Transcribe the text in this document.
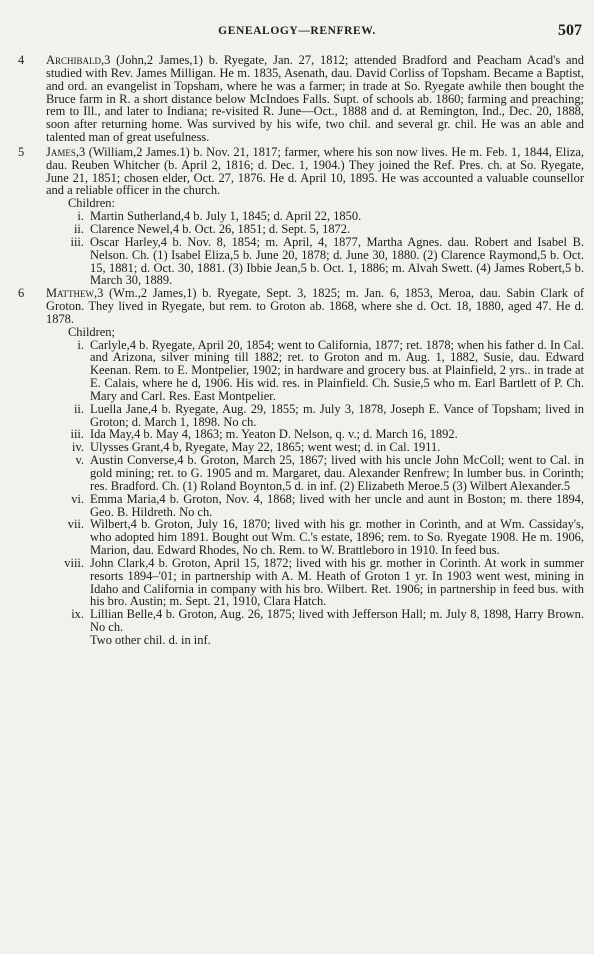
GENEALOGY—RENFREW.	507

4	Archibald,3 (John,2 James,1) b. Ryegate, Jan. 27, 1812; attended Bradford and Peacham Acad's and studied with Rev. James Milligan. He m. 1835, Asenath, dau. David Corliss of Topsham. Became a Baptist, and ord. an evangelist in Topsham, where he was a farmer; in trade at So. Ryegate awhile then bought the Bruce farm in R. a short distance below McIndoes Falls. Supt. of schools ab. 1860; farming and preaching; rem to Ill., and later to Indiana; re-visited R. June—Oct., 1888 and d. at Remington, Ind., Dec. 20, 1888, soon after returning home. Was survived by his wife, two chil. and several gr. chil. He was an able and talented man of great usefulness.

5	James,3 (William,2 James.1) b. Nov. 21, 1817; farmer, where his son now lives. He m. Feb. 1, 1844, Eliza, dau. Reuben Whitcher (b. April 2, 1816; d. Dec. 1, 1904.) They joined the Ref. Pres. ch. at So. Ryegate, June 21, 1851; chosen elder, Oct. 27, 1876. He d. April 10, 1895. He was accounted a valuable counsellor and a reliable officer in the church.

Children:

i. Martin Sutherland,4 b. July 1, 1845; d. April 22, 1850.

ii. Clarence Newel,4 b. Oct. 26, 1851; d. Sept. 5, 1872.

iii. Oscar Harley,4 b. Nov. 8, 1854; m. April, 4, 1877, Martha Agnes. dau. Robert and Isabel B. Nelson. Ch. (1) Isabel Eliza,5 b. June 20, 1878; d. June 30, 1880. (2) Clarence Raymond,5 b. Oct. 15, 1881; d. Oct. 30, 1881. (3) Ibbie Jean,5 b. Oct. 1, 1886; m. Alvah Swett. (4) James Robert,5 b. March 30, 1889.

6	Matthew,3 (Wm.,2 James,1) b. Ryegate, Sept. 3, 1825; m. Jan. 6, 1853, Meroa, dau. Sabin Clark of Groton. They lived in Ryegate, but rem. to Groton ab. 1868, where she d. Oct. 18, 1880, aged 47. He d. 1878.

Children;

i. Carlyle,4 b. Ryegate, April 20, 1854; went to California, 1877; ret. 1878; when his father d. In Cal. and Arizona, silver mining till 1882; ret. to Groton and m. Aug. 1, 1882, Susie, dau. Edward Keenan. Rem. to E. Montpelier, 1902; in hardware and grocery bus. at Plainfield, 2 yrs.. in trade at E. Calais, where he d, 1906. His wid. res. in Plainfield. Ch. Susie,5 who m. Earl Bartlett of P. Ch. Mary and Carl. Res. East Montpelier.

ii. Luella Jane,4 b. Ryegate, Aug. 29, 1855; m. July 3, 1878, Joseph E. Vance of Topsham; lived in Groton; d. March 1, 1898. No ch.

iii. Ida May,4 b. May 4, 1863; m. Yeaton D. Nelson, q. v.; d. March 16, 1892.

iv. Ulysses Grant,4 b, Ryegate, May 22, 1865; went west; d. in Cal. 1911.

v. Austin Converse,4 b. Groton, March 25, 1867; lived with his uncle John McColl; went to Cal. in gold mining; ret. to G. 1905 and m. Margaret, dau. Alexander Renfrew; In lumber bus. in Corinth; res. Bradford. Ch. (1) Roland Boynton,5 d. in inf. (2) Elizabeth Meroe.5 (3) Wilbert Alexander.5

vi. Emma Maria,4 b. Groton, Nov. 4, 1868; lived with her uncle and aunt in Boston; m. there 1894, Geo. B. Hildreth. No ch.

vii. Wilbert,4 b. Groton, July 16, 1870; lived with his gr. mother in Corinth, and at Wm. Cassiday's, who adopted him 1891. Bought out Wm. C.'s estate, 1896; rem. to So. Ryegate 1908. He m. 1906, Marion, dau. Edward Rhodes, No ch. Rem. to W. Brattleboro in 1910. In feed bus.

viii. John Clark,4 b. Groton, April 15, 1872; lived with his gr. mother in Corinth. At work in summer resorts 1894–'01; in partnership with A. M. Heath of Groton 1 yr. In 1903 went west, mining in Idaho and California in company with his bro. Wilbert. Ret. 1906; in partnership in feed bus. with his bro. Austin; m. Sept. 21, 1910, Clara Hatch.

ix. Lillian Belle,4 b. Groton, Aug. 26, 1875; lived with Jefferson Hall; m. July 8, 1898, Harry Brown. No ch.

Two other chil. d. in inf.
